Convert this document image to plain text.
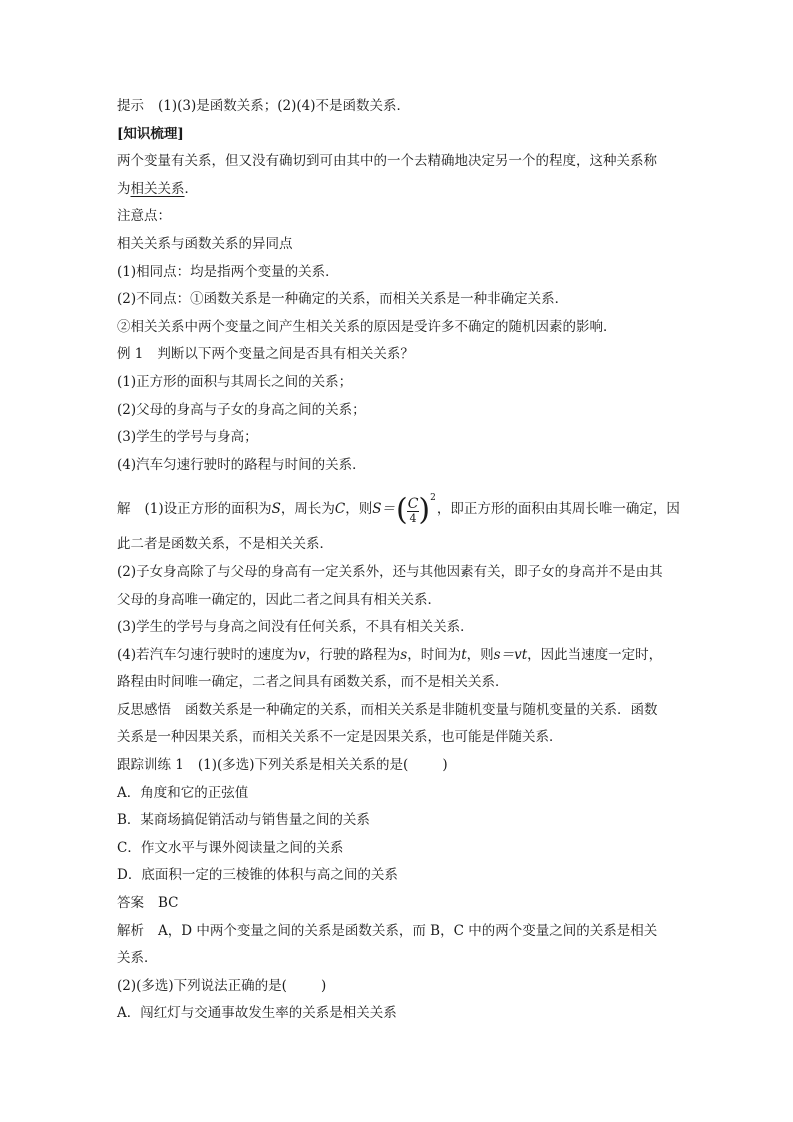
提示 (1)(3)是函数关系；(2)(4)不是函数关系．
[知识梳理]
两个变量有关系，但又没有确切到可由其中的一个去精确地决定另一个的程度，这种关系称
为相关关系．
注意点：
相关关系与函数关系的异同点
(1)相同点：均是指两个变量的关系．
(2)不同点：①函数关系是一种确定的关系，而相关关系是一种非确定关系．
②相关关系中两个变量之间产生相关关系的原因是受许多不确定的随机因素的影响．
例 1 判断以下两个变量之间是否具有相关关系？
(1)正方形的面积与其周长之间的关系；
(2)父母的身高与子女的身高之间的关系；
(3)学生的学号与身高；
(4)汽车匀速行驶时的路程与时间的关系．
解 (1)设正方形的面积为S，周长为C，则$S=( \frac{C}{4} )^2$，即正方形的面积由其周长唯一确定，因
此二者是函数关系，不是相关关系．
(2)子女身高除了与父母的身高有一定关系外，还与其他因素有关，即子女的身高并不是由其
父母的身高唯一确定的，因此二者之间具有相关关系．
(3)学生的学号与身高之间没有任何关系，不具有相关关系．
(4)若汽车匀速行驶时的速度为v，行驶的路程为s，时间为t，则s＝vt，因此当速度一定时，
路程由时间唯一确定，二者之间具有函数关系，而不是相关关系．
反思感悟 函数关系是一种确定的关系，而相关关系是非随机变量与随机变量的关系．函数
关系是一种因果关系，而相关关系不一定是因果关系，也可能是伴随关系．
跟踪训练 1 (1)(多选)下列关系是相关关系的是(	)
A．角度和它的正弦值
B．某商场搞促销活动与销售量之间的关系
C．作文水平与课外阅读量之间的关系
D．底面积一定的三棱锥的体积与高之间的关系
答案 BC
解析 A，D 中两个变量之间的关系是函数关系，而 B，C 中的两个变量之间的关系是相关
关系．
(2)(多选)下列说法正确的是(	)
A．闯红灯与交通事故发生率的关系是相关关系
